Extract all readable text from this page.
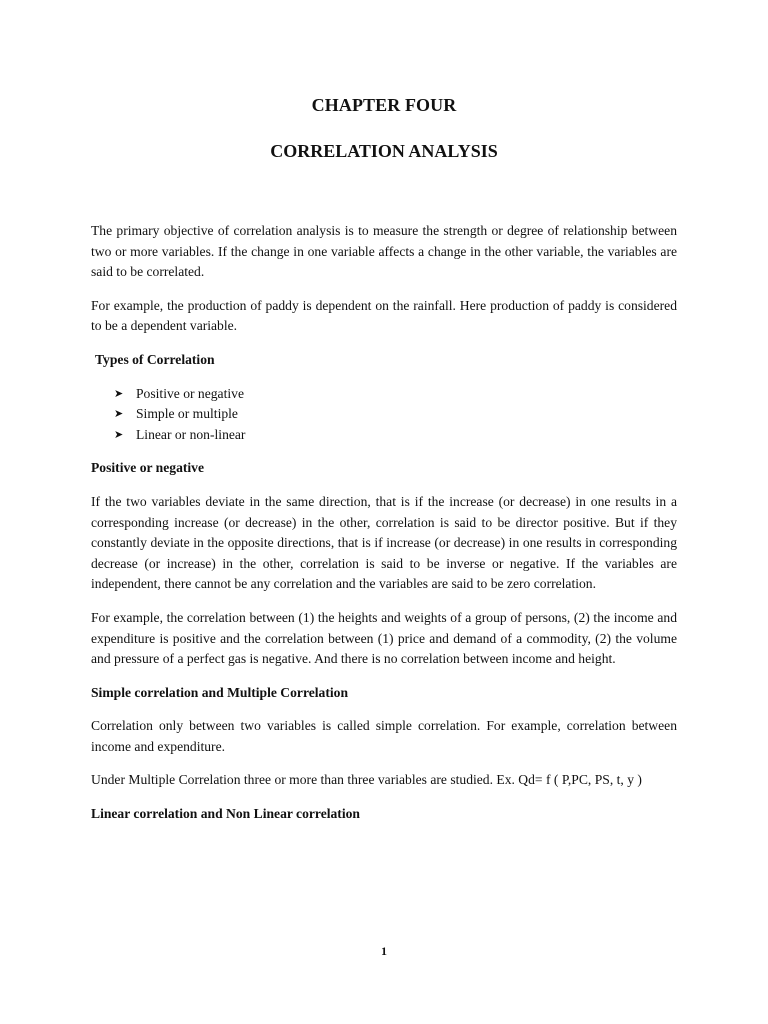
CHAPTER FOUR
CORRELATION ANALYSIS

The primary objective of correlation analysis is to measure the strength or degree of relationship between two or more variables. If the change in one variable affects a change in the other variable, the variables are said to be correlated.

For example, the production of paddy is dependent on the rainfall. Here production of paddy is considered to be a dependent variable.

Types of Correlation
➤ Positive or negative
➤ Simple or multiple
➤ Linear or non-linear
Positive or negative

If the two variables deviate in the same direction, that is if the increase (or decrease) in one results in a corresponding increase (or decrease) in the other, correlation is said to be director positive. But if they constantly deviate in the opposite directions, that is if increase (or decrease) in one results in corresponding decrease (or increase) in the other, correlation is said to be inverse or negative. If the variables are independent, there cannot be any correlation and the variables are said to be zero correlation.

For example, the correlation between (1) the heights and weights of a group of persons, (2) the income and expenditure is positive and the correlation between (1) price and demand of a commodity, (2) the volume and pressure of a perfect gas is negative. And there is no correlation between income and height.

Simple correlation and Multiple Correlation

Correlation only between two variables is called simple correlation. For example, correlation between income and expenditure.

Under Multiple Correlation three or more than three variables are studied. Ex. Qd= f ( P,PC, PS, t, y )

Linear correlation and Non Linear correlation
1
